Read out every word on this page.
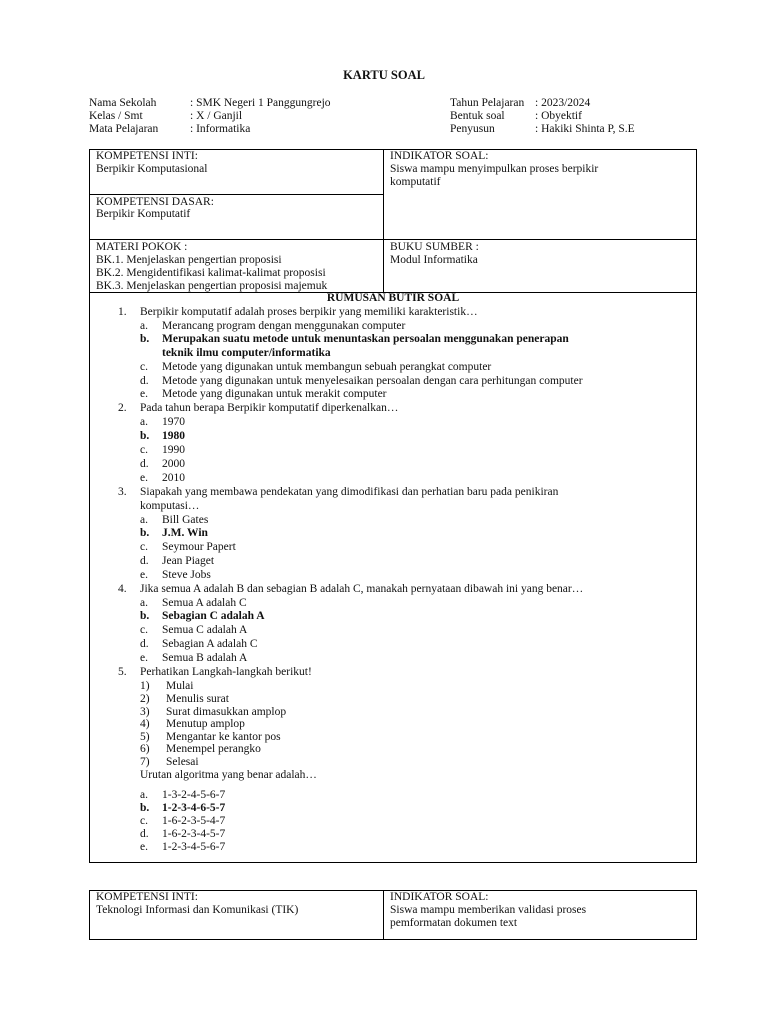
KARTU SOAL
Nama Sekolah	: SMK Negeri 1 Panggungrejo
Kelas / Smt	: X / Ganjil
Mata Pelajaran	: Informatika
Tahun Pelajaran : 2023/2024
Bentuk soal	: Obyektif
Penyusun	: Hakiki Shinta P, S.E
KOMPETENSI INTI:
Berpikir Komputasional
KOMPETENSI DASAR:
Berpikir Komputatif
INDIKATOR SOAL:
Siswa mampu menyimpulkan proses berpikir
komputatif
MATERI POKOK :
BK.1. Menjelaskan pengertian proposisi
BK.2. Mengidentifikasi kalimat-kalimat proposisi
BK.3. Menjelaskan pengertian proposisi majemuk
BUKU SUMBER :
Modul Informatika
RUMUSAN BUTIR SOAL
1. Berpikir komputatif adalah proses berpikir yang memiliki karakteristik…
a. Merancang program dengan menggunakan computer
b. Merupakan suatu metode untuk menuntaskan persoalan menggunakan penerapan
teknik ilmu computer/informatika
c. Metode yang digunakan untuk membangun sebuah perangkat computer
d. Metode yang digunakan untuk menyelesaikan persoalan dengan cara perhitungan computer
e. Metode yang digunakan untuk merakit computer
2. Pada tahun berapa Berpikir komputatif diperkenalkan…
a. 1970
b. 1980
c. 1990
d. 2000
e. 2010
3. Siapakah yang membawa pendekatan yang dimodifikasi dan perhatian baru pada penikiran
komputasi…
a. Bill Gates
b. J.M. Win
c. Seymour Papert
d. Jean Piaget
e. Steve Jobs
4. Jika semua A adalah B dan sebagian B adalah C, manakah pernyataan dibawah ini yang benar…
a. Semua A adalah C
b. Sebagian C adalah A
c. Semua C adalah A
d. Sebagian A adalah C
e. Semua B adalah A
5. Perhatikan Langkah-langkah berikut!
1) Mulai
2) Menulis surat
3) Surat dimasukkan amplop
4) Menutup amplop
5) Mengantar ke kantor pos
6) Menempel perangko
7) Selesai
Urutan algoritma yang benar adalah…
a. 1-3-2-4-5-6-7
b. 1-2-3-4-6-5-7
c. 1-6-2-3-5-4-7
d. 1-6-2-3-4-5-7
e. 1-2-3-4-5-6-7
KOMPETENSI INTI:
Teknologi Informasi dan Komunikasi (TIK)
INDIKATOR SOAL:
Siswa mampu memberikan validasi proses
pemformatan dokumen text
